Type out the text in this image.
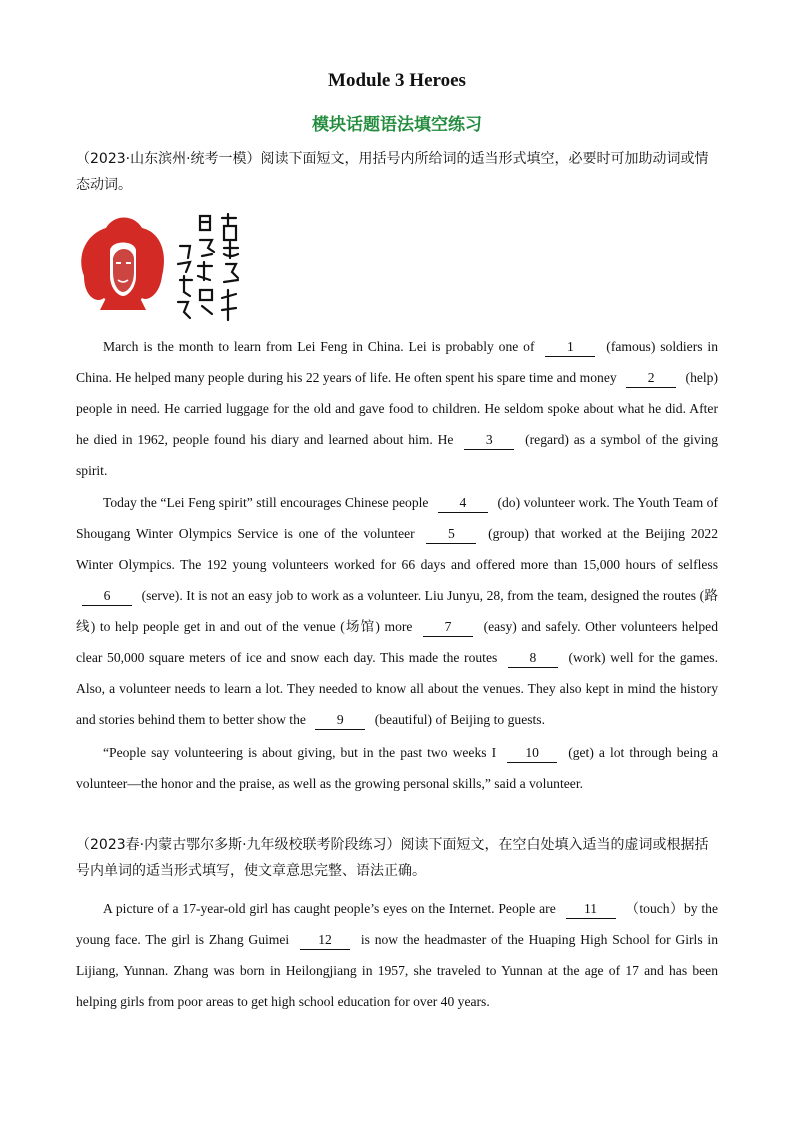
Module 3 Heroes
模块话题语法填空练习
（2023·山东滨州·统考一模）阅读下面短文，用括号内所给词的适当形式填空，必要时可加助动词或情态动词。
March is the month to learn from Lei Feng in China. Lei is probably one of 1 (famous) soldiers in China. He helped many people during his 22 years of life. He often spent his spare time and money 2 (help) people in need. He carried luggage for the old and gave food to children. He seldom spoke about what he did. After he died in 1962, people found his diary and learned about him. He 3 (regard) as a symbol of the giving spirit.
Today the “Lei Feng spirit” still encourages Chinese people 4 (do) volunteer work. The Youth Team of Shougang Winter Olympics Service is one of the volunteer 5 (group) that worked at the Beijing 2022 Winter Olympics. The 192 young volunteers worked for 66 days and offered more than 15,000 hours of selfless 6 (serve). It is not an easy job to work as a volunteer. Liu Junyu, 28, from the team, designed the routes (路线) to help people get in and out of the venue (场馆) more 7 (easy) and safely. Other volunteers helped clear 50,000 square meters of ice and snow each day. This made the routes 8 (work) well for the games. Also, a volunteer needs to learn a lot. They needed to know all about the venues. They also kept in mind the history and stories behind them to better show the 9 (beautiful) of Beijing to guests.
“People say volunteering is about giving, but in the past two weeks I 10 (get) a lot through being a volunteer—the honor and the praise, as well as the growing personal skills,” said a volunteer.
（2023春·内蒙古鄂尔多斯·九年级校联考阶段练习）阅读下面短文，在空白处填入适当的虚词或根据括号内单词的适当形式填写，使文章意思完整、语法正确。
A picture of a 17-year-old girl has caught people’s eyes on the Internet. People are 11 （touch）by the young face. The girl is Zhang Guimei 12 is now the headmaster of the Huaping High School for Girls in Lijiang, Yunnan. Zhang was born in Heilongjiang in 1957, she traveled to Yunnan at the age of 17 and has been helping girls from poor areas to get high school education for over 40 years.
